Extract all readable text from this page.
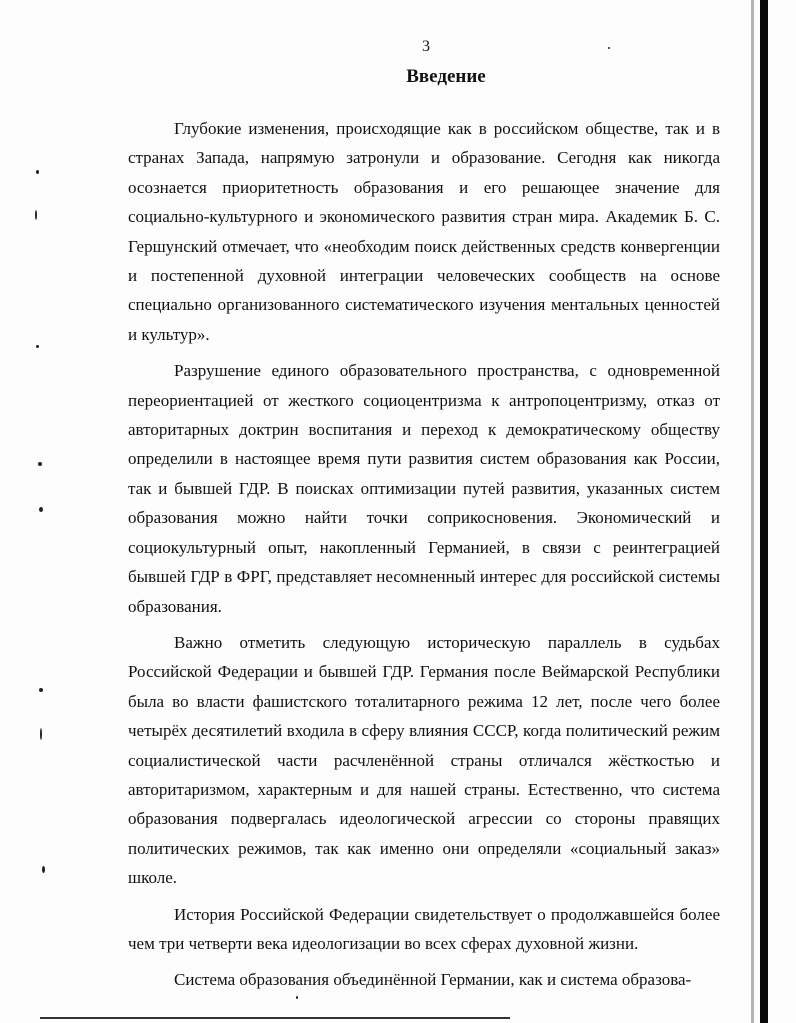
3
Введение

Глубокие изменения, происходящие как в российском обществе, так и в странах Запада, напрямую затронули и образование. Сегодня как никогда осознается приоритетность образования и его решающее значение для социально-культурного и экономического развития стран мира. Академик Б. С. Гершунский отмечает, что «необходим поиск действенных средств конвергенции и постепенной духовной интеграции человеческих сообществ на основе специально организованного систематического изучения ментальных ценностей и культур».

Разрушение единого образовательного пространства, с одновременной переориентацией от жесткого социоцентризма к антропоцентризму, отказ от авторитарных доктрин воспитания и переход к демократическому обществу определили в настоящее время пути развития систем образования как России, так и бывшей ГДР. В поисках оптимизации путей развития, указанных систем образования можно найти точки соприкосновения. Экономический и социокультурный опыт, накопленный Германией, в связи с реинтеграцией бывшей ГДР в ФРГ, представляет несомненный интерес для российской системы образования.

Важно отметить следующую историческую параллель в судьбах Российской Федерации и бывшей ГДР. Германия после Веймарской Республики была во власти фашистского тоталитарного режима 12 лет, после чего более четырёх десятилетий входила в сферу влияния СССР, когда политический режим социалистической части расчленённой страны отличался жёсткостью и авторитаризмом, характерным и для нашей страны. Естественно, что система образования подвергалась идеологической агрессии со стороны правящих политических режимов, так как именно они определяли «социальный заказ» школе.

История Российской Федерации свидетельствует о продолжавшейся более чем три четверти века идеологизации во всех сферах духовной жизни.

Система образования объединённой Германии, как и система образова-
